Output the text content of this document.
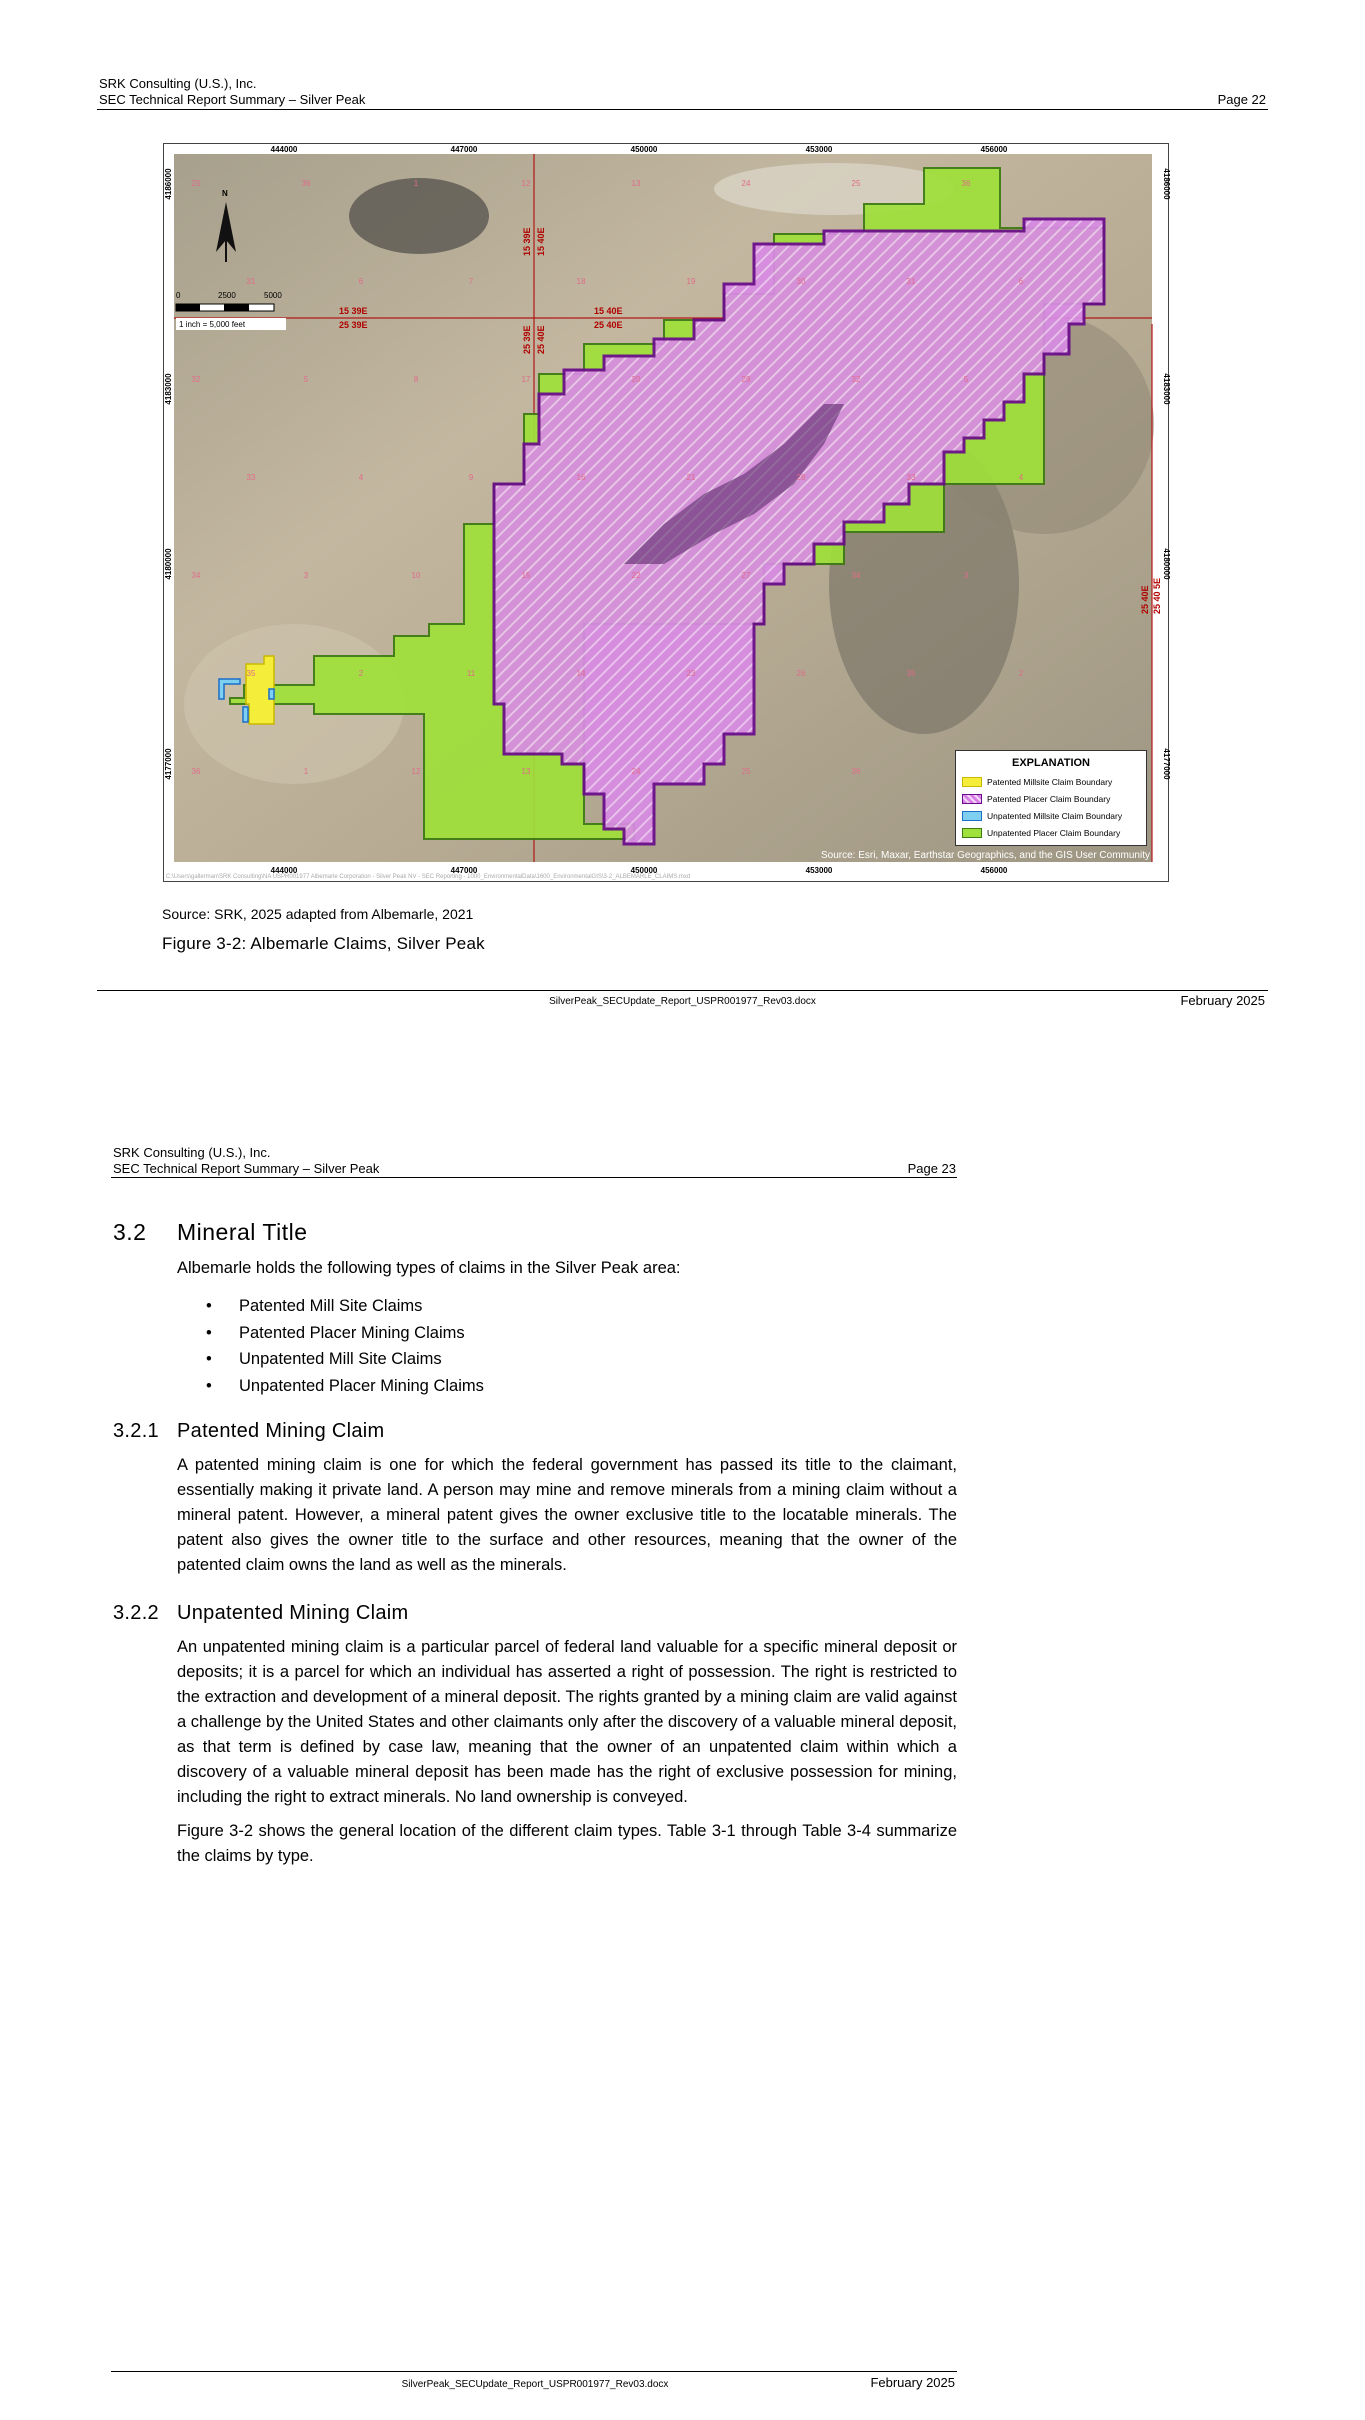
SRK Consulting (U.S.), Inc.
SEC Technical Report Summary – Silver Peak	Page 22
25	36	1	12	13	24	25	36
31	6	7	18	19	30	31	6
32	5	8	17	20	29	32	5
33	4	9	16	21	28	33	4
34	3	10	15	22	27	34	3
35	2	11	14	23	26	35	2
36	1	12	13	24	25	36
444000	447000	450000	453000	456000
444000	447000	450000	453000	456000
4186000
4183000
4180000
4177000
4186000
4183000
4180000
4177000
N
0	2500	5000
1 inch = 5,000 feet
15 39E
25 39E
15 40E
25 40E
15 39E 15 40E
25 39E 25 40E
25 40E 25 40 5E
Source: Esri, Maxar, Earthstar Geographics, and the GIS User Community
C:\Users\gallerman\SRK Consulting\NA USPR001977 Albemarle Corporation - Silver Peak NV - SEC Reporting - 1000_EnvironmentalData\1600_EnvironmentalGIS\3-2_ALBEMARLE_CLAIMS.mxd
EXPLANATION
Patented Millsite Claim Boundary
Patented Placer Claim Boundary
Unpatented Millsite Claim Boundary
Unpatented Placer Claim Boundary
Source: SRK, 2025 adapted from Albemarle, 2021
Figure 3-2: Albemarle Claims, Silver Peak
SilverPeak_SECUpdate_Report_USPR001977_Rev03.docx	February 2025
SRK Consulting (U.S.), Inc.
SEC Technical Report Summary – Silver Peak	Page 23
3.2 Mineral Title

Albemarle holds the following types of claims in the Silver Peak area:

• Patented Mill Site Claims
• Patented Placer Mining Claims
• Unpatented Mill Site Claims
• Unpatented Placer Mining Claims
3.2.1 Patented Mining Claim

A patented mining claim is one for which the federal government has passed its title to the claimant, essentially making it private land. A person may mine and remove minerals from a mining claim without a mineral patent. However, a mineral patent gives the owner exclusive title to the locatable minerals. The patent also gives the owner title to the surface and other resources, meaning that the owner of the patented claim owns the land as well as the minerals.

3.2.2 Unpatented Mining Claim

An unpatented mining claim is a particular parcel of federal land valuable for a specific mineral deposit or deposits; it is a parcel for which an individual has asserted a right of possession. The right is restricted to the extraction and development of a mineral deposit. The rights granted by a mining claim are valid against a challenge by the United States and other claimants only after the discovery of a valuable mineral deposit, as that term is defined by case law, meaning that the owner of an unpatented claim within which a discovery of a valuable mineral deposit has been made has the right of exclusive possession for mining, including the right to extract minerals. No land ownership is conveyed.

Figure 3-2 shows the general location of the different claim types. Table 3-1 through Table 3-4 summarize the claims by type.

SilverPeak_SECUpdate_Report_USPR001977_Rev03.docx	February 2025
